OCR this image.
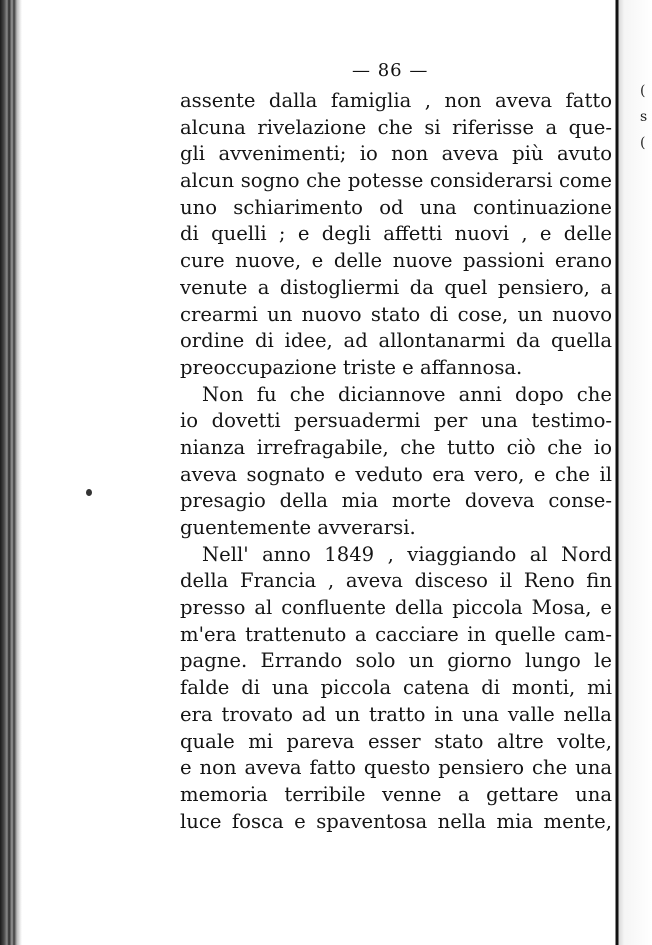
(
s
(
— 86 —
assente dalla famiglia , non aveva fatto
alcuna rivelazione che si riferisse a que-
gli avvenimenti; io non aveva più avuto
alcun sogno che potesse considerarsi come
uno schiarimento od una continuazione
di quelli ; e degli affetti nuovi , e delle
cure nuove, e delle nuove passioni erano
venute a distogliermi da quel pensiero, a
crearmi un nuovo stato di cose, un nuovo
ordine di idee, ad allontanarmi da quella
preoccupazione triste e affannosa.
Non fu che diciannove anni dopo che
io dovetti persuadermi per una testimo-
nianza irrefragabile, che tutto ciò che io
aveva sognato e veduto era vero, e che il
presagio della mia morte doveva conse-
guentemente avverarsi.
Nell' anno 1849 , viaggiando al Nord
della Francia , aveva disceso il Reno fin
presso al confluente della piccola Mosa, e
m'era trattenuto a cacciare in quelle cam-
pagne. Errando solo un giorno lungo le
falde di una piccola catena di monti, mi
era trovato ad un tratto in una valle nella
quale mi pareva esser stato altre volte,
e non aveva fatto questo pensiero che una
memoria terribile venne a gettare una
luce fosca e spaventosa nella mia mente,
